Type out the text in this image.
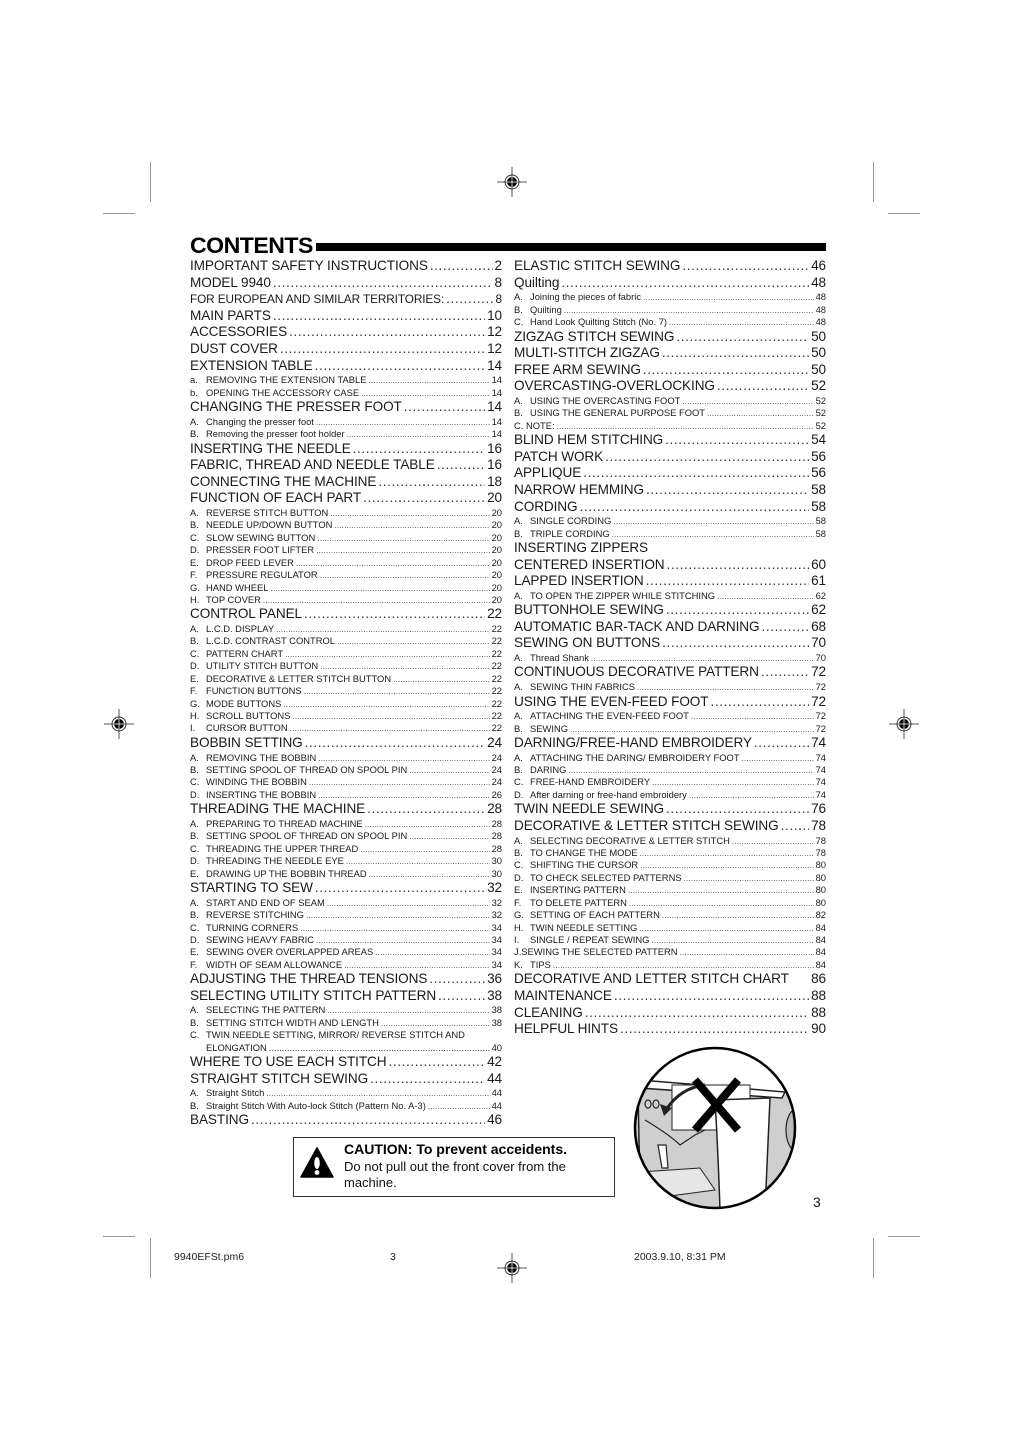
CONTENTS
IMPORTANT SAFETY INSTRUCTIONS .....	2
MODEL 9940 .....	8
FOR EUROPEAN AND SIMILAR TERRITORIES: .....	8
MAIN PARTS .....	10
ACCESSORIES .....	12
DUST COVER .....	12
EXTENSION TABLE .....	14
a. REMOVING THE EXTENSION TABLE .....	14
b. OPENING THE ACCESSORY CASE .....	14
CHANGING THE PRESSER FOOT .....	14
A. Changing the presser foot .....	14
B. Removing the presser foot holder .....	14
INSERTING THE NEEDLE .....	16
FABRIC, THREAD AND NEEDLE TABLE .....	16
CONNECTING THE MACHINE .....	18
FUNCTION OF EACH PART .....	20
A. REVERSE STITCH BUTTON .....	20
B. NEEDLE UP/DOWN BUTTON .....	20
C. SLOW SEWING BUTTON .....	20
D. PRESSER FOOT LIFTER .....	20
E. DROP FEED LEVER .....	20
F. PRESSURE REGULATOR .....	20
G. HAND WHEEL .....	20
H. TOP COVER .....	20
CONTROL PANEL .....	22
A. L.C.D. DISPLAY .....	22
B. L.C.D. CONTRAST CONTROL .....	22
C. PATTERN CHART .....	22
D. UTILITY STITCH BUTTON .....	22
E. DECORATIVE & LETTER STITCH BUTTON .....	22
F. FUNCTION BUTTONS .....	22
G. MODE BUTTONS .....	22
H. SCROLL BUTTONS .....	22
I. CURSOR BUTTON .....	22
BOBBIN SETTING .....	24
A. REMOVING THE BOBBIN .....	24
B. SETTING SPOOL OF THREAD ON SPOOL PIN .....	24
C. WINDING THE BOBBIN .....	24
D. INSERTING THE BOBBIN .....	26
THREADING THE MACHINE .....	28
A. PREPARING TO THREAD MACHINE .....	28
B. SETTING SPOOL OF THREAD ON SPOOL PIN .....	28
C. THREADING THE UPPER THREAD .....	28
D. THREADING THE NEEDLE EYE .....	30
E. DRAWING UP THE BOBBIN THREAD .....	30
STARTING TO SEW .....	32
A. START AND END OF SEAM .....	32
B. REVERSE STITCHING .....	32
C. TURNING CORNERS .....	34
D. SEWING HEAVY FABRIC .....	34
E. SEWING OVER OVERLAPPED AREAS .....	34
F. WIDTH OF SEAM ALLOWANCE .....	34
ADJUSTING THE THREAD TENSIONS .....	36
SELECTING UTILITY STITCH PATTERN .....	38
A. SELECTING THE PATTERN .....	38
B. SETTING STITCH WIDTH AND LENGTH .....	38
C. TWIN NEEDLE SETTING, MIRROR/ REVERSE STITCH AND
ELONGATION .....	40
WHERE TO USE EACH STITCH .....	42
STRAIGHT STITCH SEWING .....	44
A. Straight Stitch .....	44
B. Straight Stitch With Auto-lock Stitch (Pattern No. A-3) .....	44
BASTING .....	46
ELASTIC STITCH SEWING .....	46
Quilting .....	48
A. Joining the pieces of fabric .....	48
B. Quilting .....	48
C. Hand Look Quilting Stitch (No. 7) .....	48
ZIGZAG STITCH SEWING .....	50
MULTI-STITCH ZIGZAG .....	50
FREE ARM SEWING .....	50
OVERCASTING-OVERLOCKING .....	52
A. USING THE OVERCASTING FOOT .....	52
B. USING THE GENERAL PURPOSE FOOT .....	52
C. NOTE: .....	52
BLIND HEM STITCHING .....	54
PATCH WORK .....	56
APPLIQUE .....	56
NARROW HEMMING .....	58
CORDING .....	58
A. SINGLE CORDING .....	58
B. TRIPLE CORDING .....	58
INSERTING ZIPPERS
CENTERED INSERTION .....	60
LAPPED INSERTION .....	61
A. TO OPEN THE ZIPPER WHILE STITCHING .....	62
BUTTONHOLE SEWING .....	62
AUTOMATIC BAR-TACK AND DARNING .....	68
SEWING ON BUTTONS .....	70
A. Thread Shank .....	70
CONTINUOUS DECORATIVE PATTERN .....	72
A. SEWING THIN FABRICS .....	72
USING THE EVEN-FEED FOOT .....	72
A. ATTACHING THE EVEN-FEED FOOT .....	72
B. SEWING .....	72
DARNING/FREE-HAND EMBROIDERY .....	74
A. ATTACHING THE DARING/ EMBROIDERY FOOT .....	74
B. DARING .....	74
C. FREE-HAND EMBROIDERY .....	74
D. After darning or free-hand embroidery .....	74
TWIN NEEDLE SEWING .....	76
DECORATIVE & LETTER STITCH SEWING ..... 78
A. SELECTING DECORATIVE & LETTER STITCH .....	78
B. TO CHANGE THE MODE .....	78
C. SHIFTING THE CURSOR .....	80
D. TO CHECK SELECTED PATTERNS .....	80
E. INSERTING PATTERN .....	80
F. TO DELETE PATTERN .....	80
G. SETTING OF EACH PATTERN .....	82
H. TWIN NEEDLE SETTING .....	84
I. SINGLE / REPEAT SEWING .....	84
J.SEWING THE SELECTED PATTERN .....	84
K. TIPS .....	84
DECORATIVE AND LETTER STITCH CHART 86
MAINTENANCE .....	88
CLEANING .....	88
HELPFUL HINTS .....	90
CAUTION: To prevent acceidents.
Do not pull out the front cover from the machine.
3
9940EFSt.pm6	3	2003.9.10, 8:31 PM
